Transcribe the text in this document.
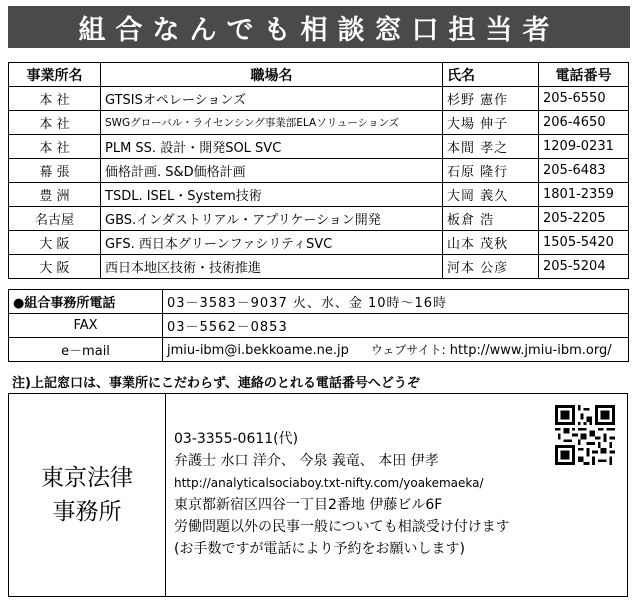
組合なんでも相談窓口担当者
事業所名	職場名	氏名	電話番号
本 社	GTSISオペレーションズ	杉野 憲作	205-6550
本 社	SWGグローバル・ライセンシング事業部ELAソリューションズ	大場 伸子	206-4650
本 社	PLM SS. 設計・開発SOL SVC	本間 孝之	1209-0231
幕 張	価格計画. S&D価格計画	石原 隆行	205-6483
豊 洲	TSDL. ISEL・System技術	大岡 義久	1801-2359
名古屋	GBS.インダストリアル・アプリケーション開発	板倉 浩	205-2205
大 阪	GFS. 西日本グリーンファシリティSVC	山本 茂秋	1505-5420
大 阪	西日本地区技術・技術推進	河本 公彦	205-5204
●組合事務所電話	03－3583－9037 火、水、金 10時～16時
FAX	03－5562－0853
e－mail	jmiu-ibm@i.bekkoame.ne.jp ウェブサイト: http://www.jmiu-ibm.org/
注)上記窓口は、事業所にこだわらず、連絡のとれる電話番号へどうぞ
東京法律
事務所
03-3355-0611(代)
弁護士 水口 洋介、 今泉 義竜、 本田 伊孝
http://analyticalsociaboy.txt-nifty.com/yoakemaeka/
東京都新宿区四谷一丁目2番地 伊藤ビル6F
労働問題以外の民事一般についても相談受け付けます
(お手数ですが電話により予約をお願いします)
